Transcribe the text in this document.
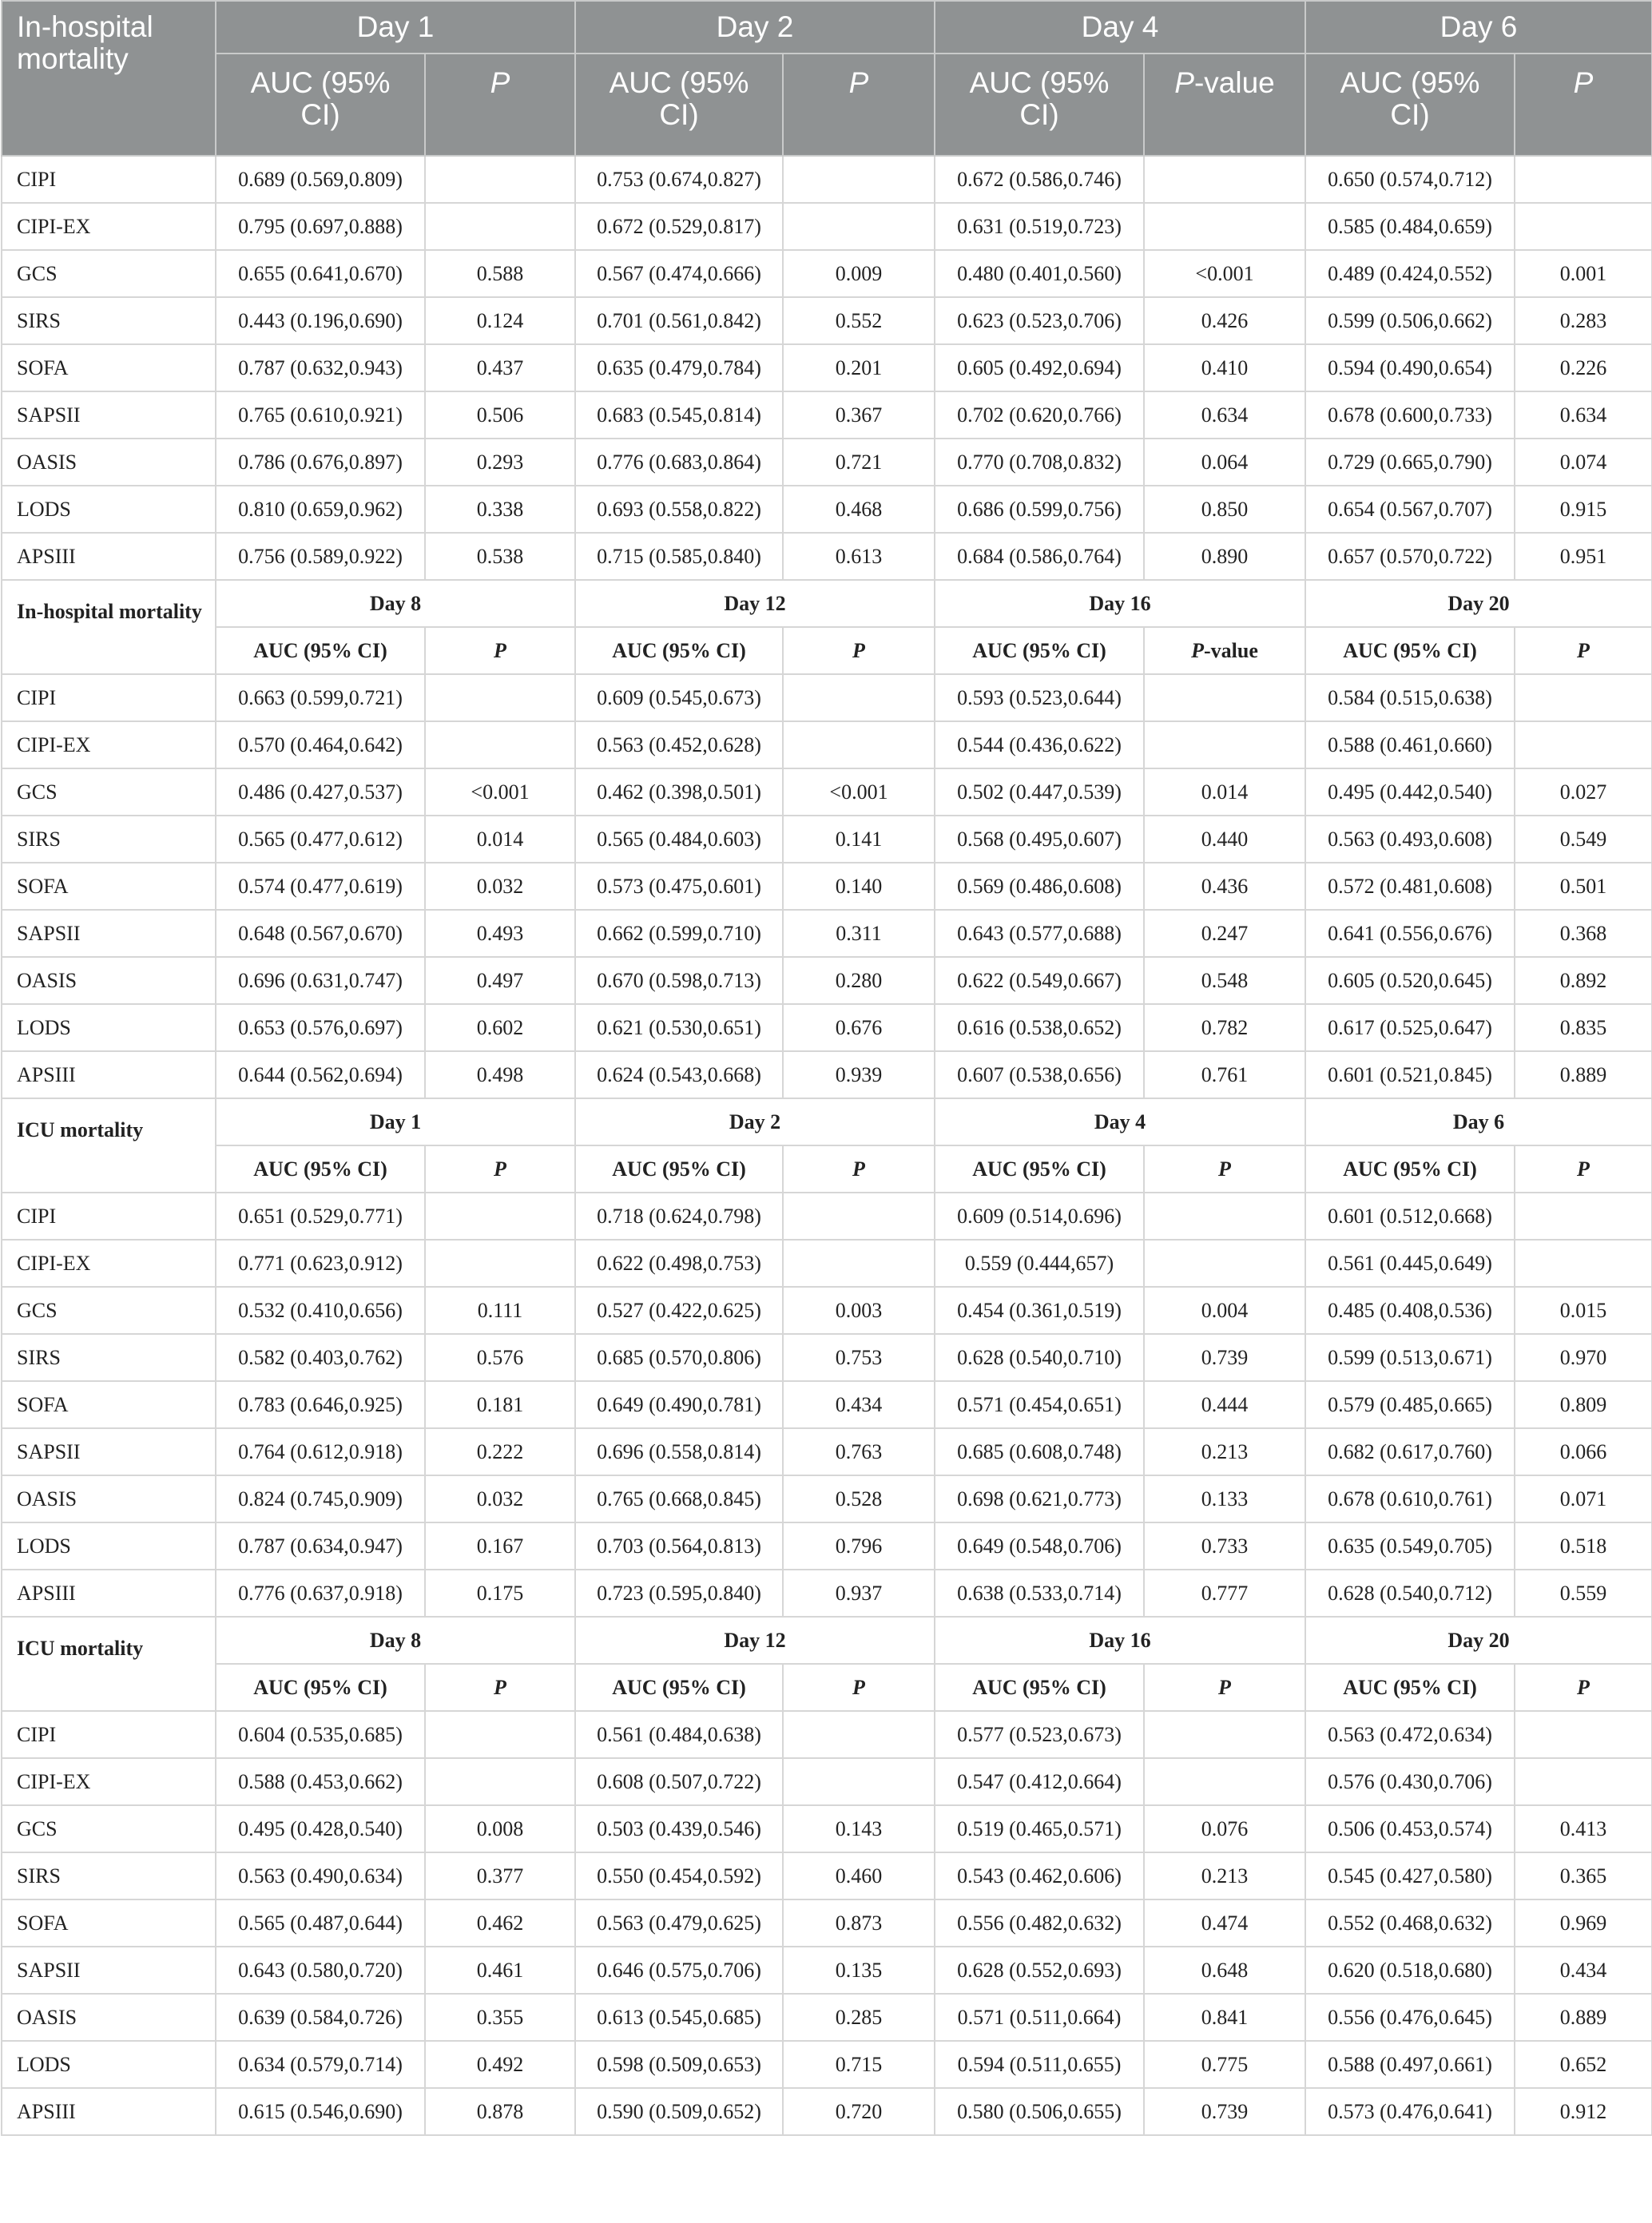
In-hospital mortality	Day 1		Day 2		Day 4		Day 6	
	AUC (95% CI)	P	AUC (95% CI)	P	AUC (95% CI)	P-value	AUC (95% CI)	P
CIPI	0.689 (0.569,0.809)		0.753 (0.674,0.827)		0.672 (0.586,0.746)		0.650 (0.574,0.712)	
CIPI-EX	0.795 (0.697,0.888)		0.672 (0.529,0.817)		0.631 (0.519,0.723)		0.585 (0.484,0.659)	
GCS	0.655 (0.641,0.670)	0.588	0.567 (0.474,0.666)	0.009	0.480 (0.401,0.560)	<0.001	0.489 (0.424,0.552)	0.001
SIRS	0.443 (0.196,0.690)	0.124	0.701 (0.561,0.842)	0.552	0.623 (0.523,0.706)	0.426	0.599 (0.506,0.662)	0.283
SOFA	0.787 (0.632,0.943)	0.437	0.635 (0.479,0.784)	0.201	0.605 (0.492,0.694)	0.410	0.594 (0.490,0.654)	0.226
SAPSII	0.765 (0.610,0.921)	0.506	0.683 (0.545,0.814)	0.367	0.702 (0.620,0.766)	0.634	0.678 (0.600,0.733)	0.634
OASIS	0.786 (0.676,0.897)	0.293	0.776 (0.683,0.864)	0.721	0.770 (0.708,0.832)	0.064	0.729 (0.665,0.790)	0.074
LODS	0.810 (0.659,0.962)	0.338	0.693 (0.558,0.822)	0.468	0.686 (0.599,0.756)	0.850	0.654 (0.567,0.707)	0.915
APSIII	0.756 (0.589,0.922)	0.538	0.715 (0.585,0.840)	0.613	0.684 (0.586,0.764)	0.890	0.657 (0.570,0.722)	0.951
In-hospital mortality	Day 8		Day 12		Day 16		Day 20	
	AUC (95% CI)	P	AUC (95% CI)	P	AUC (95% CI)	P-value	AUC (95% CI)	P
CIPI	0.663 (0.599,0.721)		0.609 (0.545,0.673)		0.593 (0.523,0.644)		0.584 (0.515,0.638)	
CIPI-EX	0.570 (0.464,0.642)		0.563 (0.452,0.628)		0.544 (0.436,0.622)		0.588 (0.461,0.660)	
GCS	0.486 (0.427,0.537)	<0.001	0.462 (0.398,0.501)	<0.001	0.502 (0.447,0.539)	0.014	0.495 (0.442,0.540)	0.027
SIRS	0.565 (0.477,0.612)	0.014	0.565 (0.484,0.603)	0.141	0.568 (0.495,0.607)	0.440	0.563 (0.493,0.608)	0.549
SOFA	0.574 (0.477,0.619)	0.032	0.573 (0.475,0.601)	0.140	0.569 (0.486,0.608)	0.436	0.572 (0.481,0.608)	0.501
SAPSII	0.648 (0.567,0.670)	0.493	0.662 (0.599,0.710)	0.311	0.643 (0.577,0.688)	0.247	0.641 (0.556,0.676)	0.368
OASIS	0.696 (0.631,0.747)	0.497	0.670 (0.598,0.713)	0.280	0.622 (0.549,0.667)	0.548	0.605 (0.520,0.645)	0.892
LODS	0.653 (0.576,0.697)	0.602	0.621 (0.530,0.651)	0.676	0.616 (0.538,0.652)	0.782	0.617 (0.525,0.647)	0.835
APSIII	0.644 (0.562,0.694)	0.498	0.624 (0.543,0.668)	0.939	0.607 (0.538,0.656)	0.761	0.601 (0.521,0.845)	0.889
ICU mortality	Day 1		Day 2		Day 4		Day 6	
	AUC (95% CI)	P	AUC (95% CI)	P	AUC (95% CI)	P	AUC (95% CI)	P
CIPI	0.651 (0.529,0.771)		0.718 (0.624,0.798)		0.609 (0.514,0.696)		0.601 (0.512,0.668)	
CIPI-EX	0.771 (0.623,0.912)		0.622 (0.498,0.753)		0.559 (0.444,657)		0.561 (0.445,0.649)	
GCS	0.532 (0.410,0.656)	0.111	0.527 (0.422,0.625)	0.003	0.454 (0.361,0.519)	0.004	0.485 (0.408,0.536)	0.015
SIRS	0.582 (0.403,0.762)	0.576	0.685 (0.570,0.806)	0.753	0.628 (0.540,0.710)	0.739	0.599 (0.513,0.671)	0.970
SOFA	0.783 (0.646,0.925)	0.181	0.649 (0.490,0.781)	0.434	0.571 (0.454,0.651)	0.444	0.579 (0.485,0.665)	0.809
SAPSII	0.764 (0.612,0.918)	0.222	0.696 (0.558,0.814)	0.763	0.685 (0.608,0.748)	0.213	0.682 (0.617,0.760)	0.066
OASIS	0.824 (0.745,0.909)	0.032	0.765 (0.668,0.845)	0.528	0.698 (0.621,0.773)	0.133	0.678 (0.610,0.761)	0.071
LODS	0.787 (0.634,0.947)	0.167	0.703 (0.564,0.813)	0.796	0.649 (0.548,0.706)	0.733	0.635 (0.549,0.705)	0.518
APSIII	0.776 (0.637,0.918)	0.175	0.723 (0.595,0.840)	0.937	0.638 (0.533,0.714)	0.777	0.628 (0.540,0.712)	0.559
ICU mortality	Day 8		Day 12		Day 16		Day 20	
	AUC (95% CI)	P	AUC (95% CI)	P	AUC (95% CI)	P	AUC (95% CI)	P
CIPI	0.604 (0.535,0.685)		0.561 (0.484,0.638)		0.577 (0.523,0.673)		0.563 (0.472,0.634)	
CIPI-EX	0.588 (0.453,0.662)		0.608 (0.507,0.722)		0.547 (0.412,0.664)		0.576 (0.430,0.706)	
GCS	0.495 (0.428,0.540)	0.008	0.503 (0.439,0.546)	0.143	0.519 (0.465,0.571)	0.076	0.506 (0.453,0.574)	0.413
SIRS	0.563 (0.490,0.634)	0.377	0.550 (0.454,0.592)	0.460	0.543 (0.462,0.606)	0.213	0.545 (0.427,0.580)	0.365
SOFA	0.565 (0.487,0.644)	0.462	0.563 (0.479,0.625)	0.873	0.556 (0.482,0.632)	0.474	0.552 (0.468,0.632)	0.969
SAPSII	0.643 (0.580,0.720)	0.461	0.646 (0.575,0.706)	0.135	0.628 (0.552,0.693)	0.648	0.620 (0.518,0.680)	0.434
OASIS	0.639 (0.584,0.726)	0.355	0.613 (0.545,0.685)	0.285	0.571 (0.511,0.664)	0.841	0.556 (0.476,0.645)	0.889
LODS	0.634 (0.579,0.714)	0.492	0.598 (0.509,0.653)	0.715	0.594 (0.511,0.655)	0.775	0.588 (0.497,0.661)	0.652
APSIII	0.615 (0.546,0.690)	0.878	0.590 (0.509,0.652)	0.720	0.580 (0.506,0.655)	0.739	0.573 (0.476,0.641)	0.912
